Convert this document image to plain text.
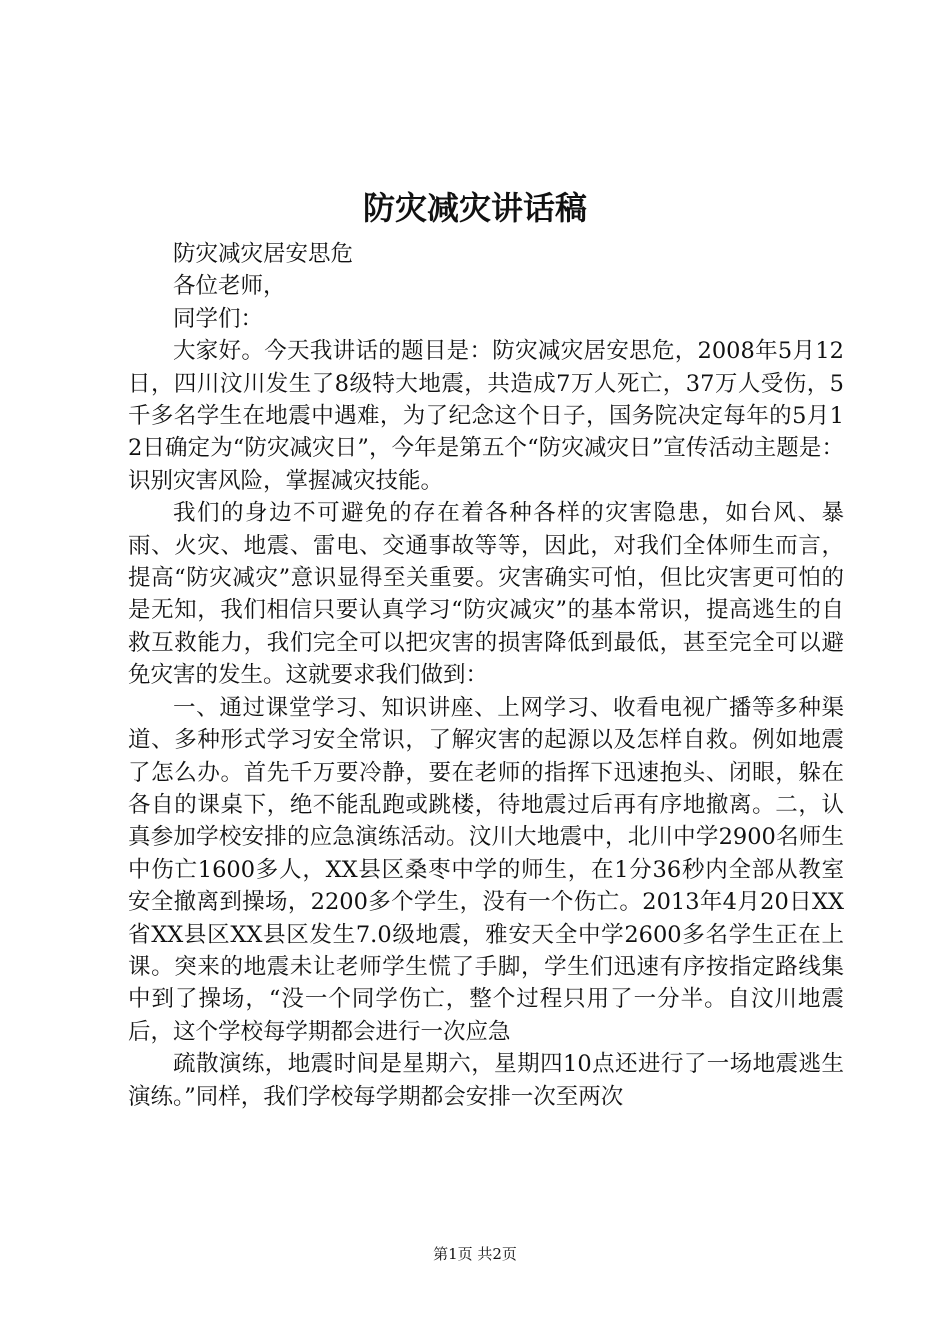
防灾减灾讲话稿

防灾减灾居安思危

各位老师，

同学们：

大家好。今天我讲话的题目是：防灾减灾居安思危，2008年5月12日，四川汶川发生了8级特大地震，共造成7万人死亡，37万人受伤，5千多名学生在地震中遇难，为了纪念这个日子，国务院决定每年的5月12日确定为“防灾减灾日”，今年是第五个“防灾减灾日”宣传活动主题是：识别灾害风险，掌握减灾技能。

我们的身边不可避免的存在着各种各样的灾害隐患，如台风、暴雨、火灾、地震、雷电、交通事故等等，因此，对我们全体师生而言，提高“防灾减灾”意识显得至关重要。灾害确实可怕，但比灾害更可怕的是无知，我们相信只要认真学习“防灾减灾”的基本常识，提高逃生的自救互救能力，我们完全可以把灾害的损害降低到最低，甚至完全可以避免灾害的发生。这就要求我们做到：

一、通过课堂学习、知识讲座、上网学习、收看电视广播等多种渠道、多种形式学习安全常识，了解灾害的起源以及怎样自救。例如地震了怎么办。首先千万要冷静，要在老师的指挥下迅速抱头、闭眼，躲在各自的课桌下，绝不能乱跑或跳楼，待地震过后再有序地撤离。二，认真参加学校安排的应急演练活动。汶川大地震中，北川中学2900名师生中伤亡1600多人，XX县区桑枣中学的师生，在1分36秒内全部从教室安全撤离到操场，2200多个学生，没有一个伤亡。2013年4月20日XX省XX县区XX县区发生7.0级地震，雅安天全中学2600多名学生正在上课。突来的地震未让老师学生慌了手脚，学生们迅速有序按指定路线集中到了操场，“没一个同学伤亡，整个过程只用了一分半。自汶川地震后，这个学校每学期都会进行一次应急

疏散演练，地震时间是星期六，星期四10点还进行了一场地震逃生演练。”同样，我们学校每学期都会安排一次至两次

第1页 共2页
